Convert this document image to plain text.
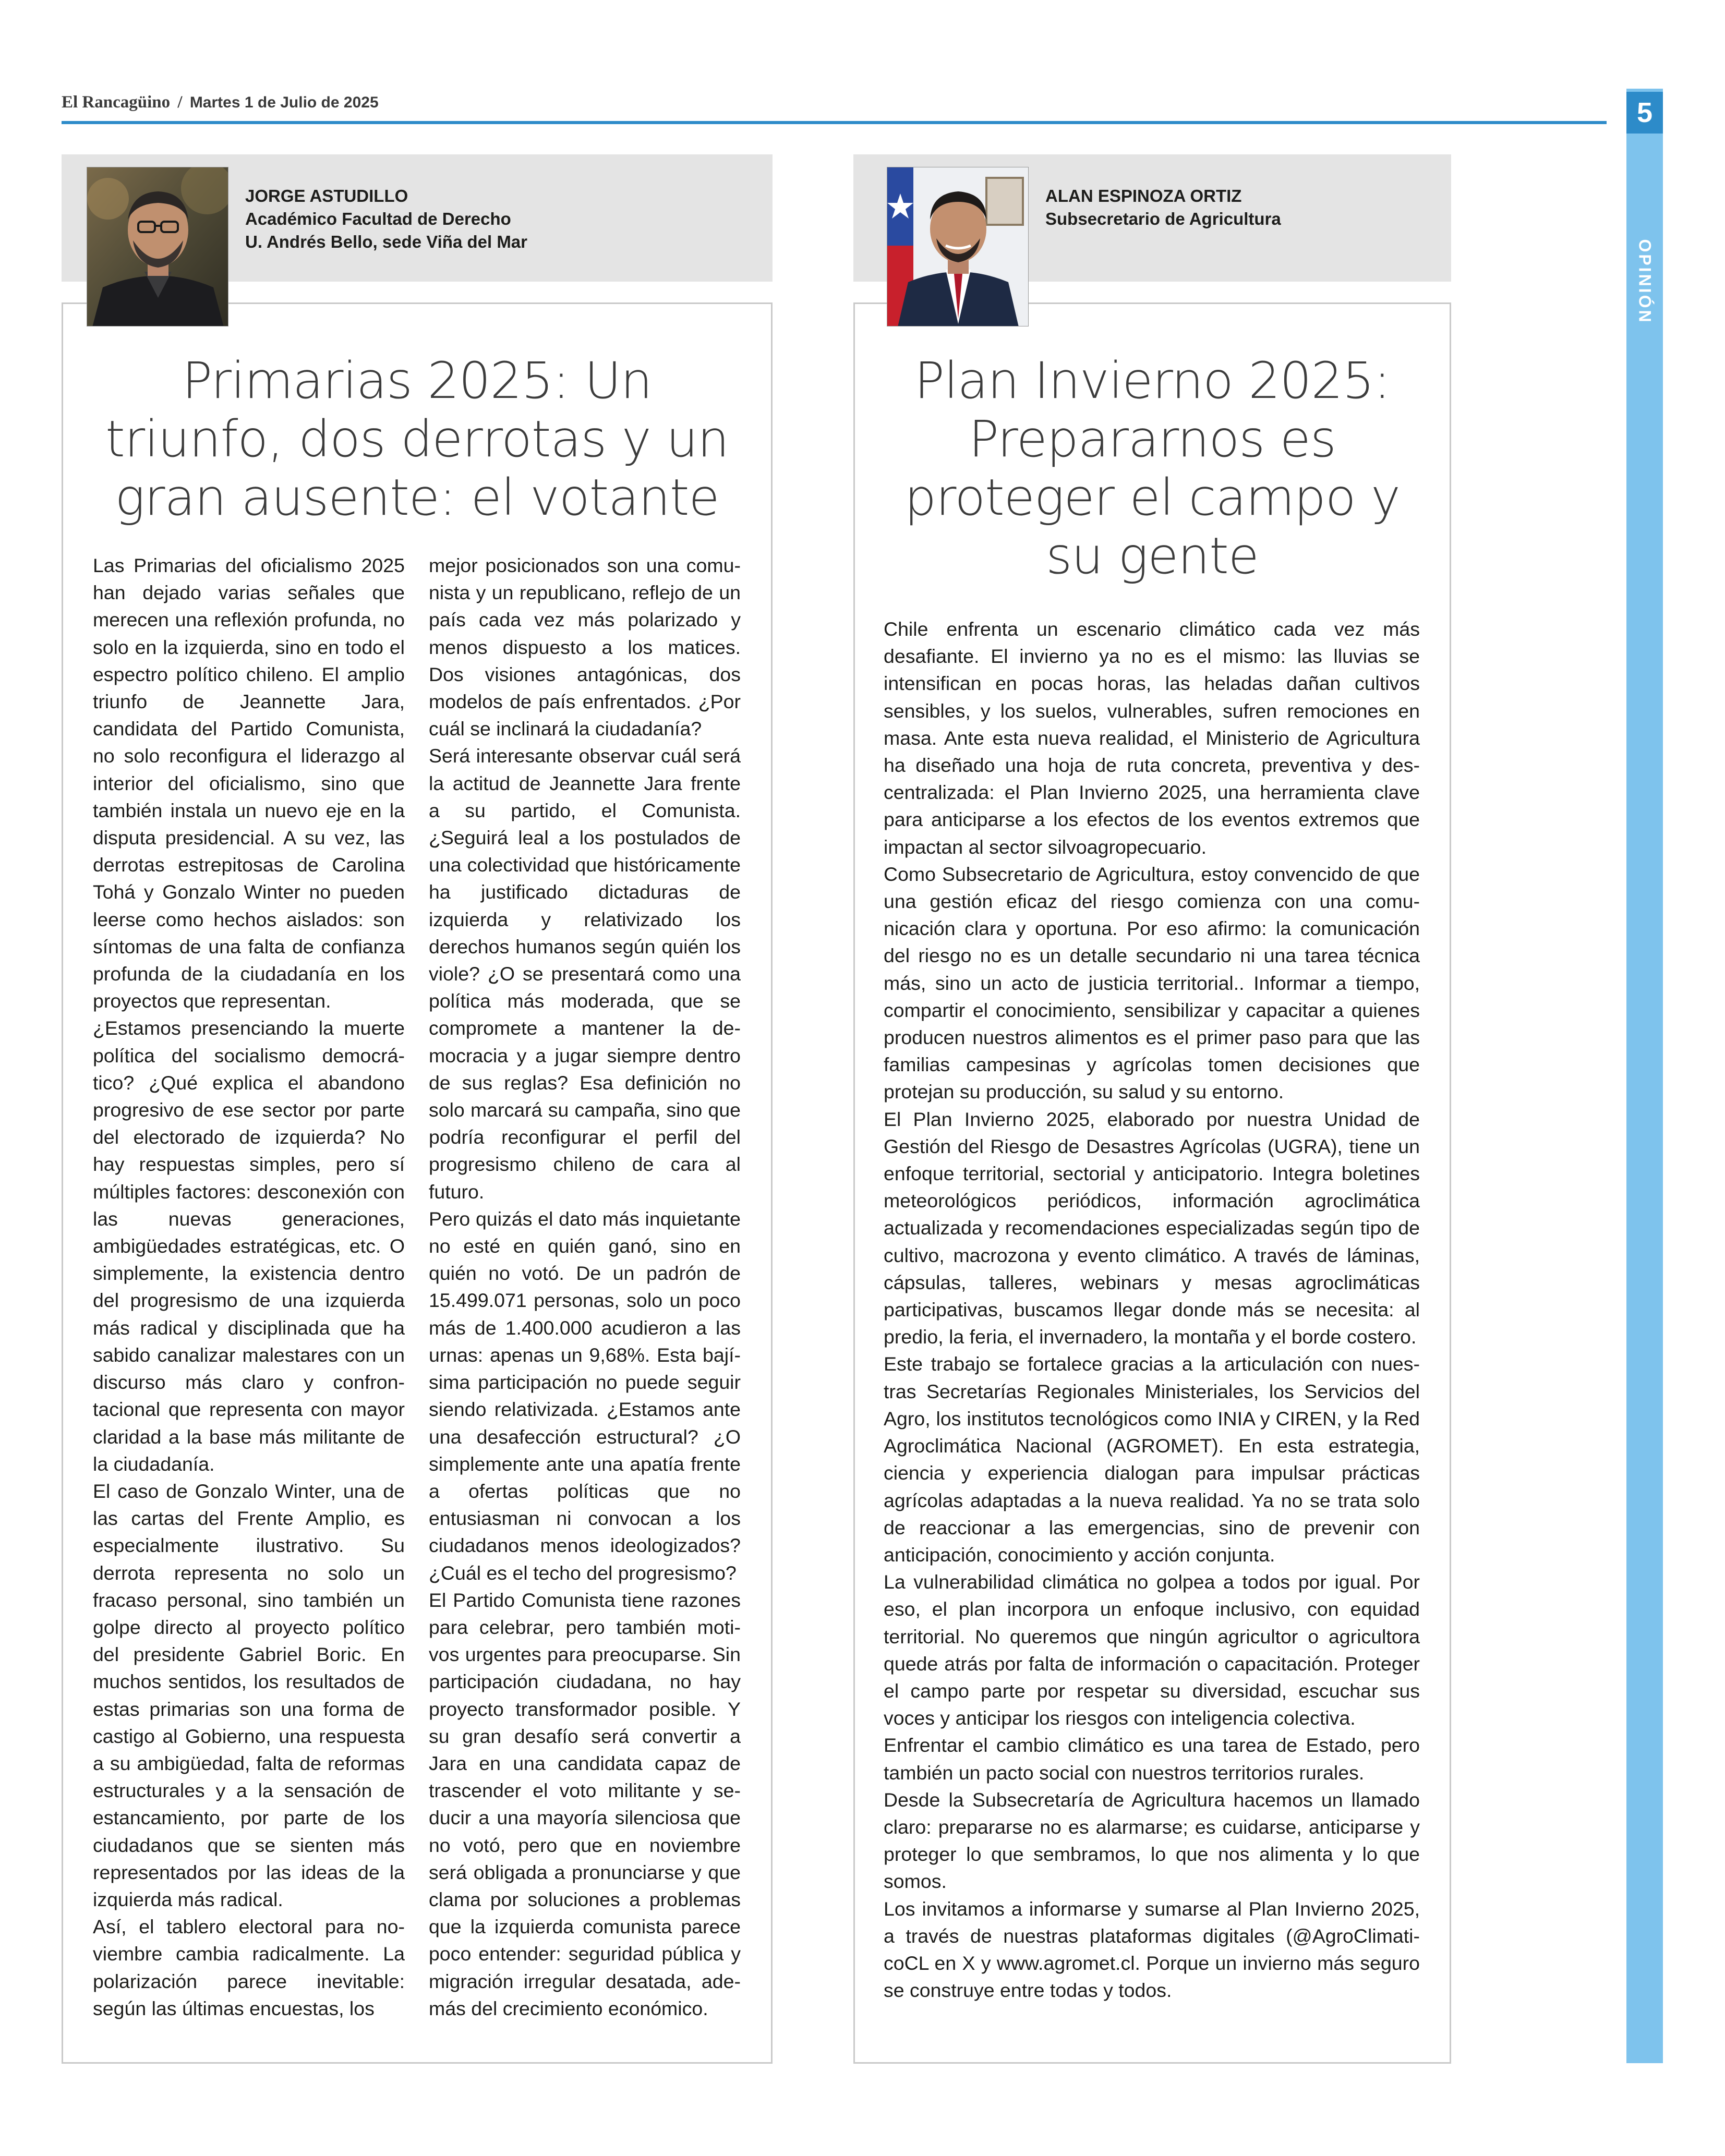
El Rancagüino / Martes 1 de Julio de 2025	5
OPINIÓN
JORGE ASTUDILLO
Académico Facultad de Derecho
U. Andrés Bello, sede Viña del Mar
Primarias 2025: Un triunfo, dos derrotas y un gran ausente: el votante

Las Primarias del oficialismo 2025 han dejado varias señales que merecen una reflexión profunda, no solo en la izquierda, sino en todo el espectro político chileno. El amplio triunfo de Jeannette Jara, candidata del Partido Comunista, no solo reconfigura el liderazgo al interior del oficialismo, sino que también instala un nuevo eje en la disputa presidencial. A su vez, las derrotas estrepitosas de Carolina Tohá y Gonzalo Winter no pueden leerse como hechos aislados: son síntomas de una falta de confianza profunda de la ciudadanía en los proyectos que representan.

¿Estamos presenciando la muerte política del socialismo democrático? ¿Qué explica el abandono progresivo de ese sector por parte del electorado de izquierda? No hay respuestas simples, pero sí múltiples factores: desconexión con las nuevas generaciones, ambigüedades estratégicas, etc. O simplemente, la existencia dentro del progresismo de una izquierda más radical y disciplinada que ha sabido canalizar malestares con un discurso más claro y confrontacional que representa con mayor claridad a la base más militante de la ciudadanía.

El caso de Gonzalo Winter, una de las cartas del Frente Amplio, es especialmente ilustrativo. Su derrota representa no solo un fracaso personal, sino también un golpe directo al proyecto político del presidente Gabriel Boric. En muchos sentidos, los resultados de estas primarias son una forma de castigo al Gobierno, una respuesta a su ambigüedad, falta de reformas estructurales y a la sensación de estancamiento, por parte de los ciudadanos que se sienten más representados por las ideas de la izquierda más radical.

Así, el tablero electoral para noviembre cambia radicalmente. La polarización parece inevitable: según las últimas encuestas, los

mejor posicionados son una comunista y un republicano, reflejo de un país cada vez más polarizado y menos dispuesto a los matices. Dos visiones antagónicas, dos modelos de país enfrentados. ¿Por cuál se inclinará la ciudadanía?

Será interesante observar cuál será la actitud de Jeannette Jara frente a su partido, el Comunista. ¿Seguirá leal a los postulados de una colectividad que históricamente ha justificado dictaduras de izquierda y relativizado los derechos humanos según quién los viole? ¿O se presentará como una política más moderada, que se compromete a mantener la democracia y a jugar siempre dentro de sus reglas? Esa definición no solo marcará su campaña, sino que podría reconfigurar el perfil del progresismo chileno de cara al futuro.

Pero quizás el dato más inquietante no esté en quién ganó, sino en quién no votó. De un padrón de 15.499.071 personas, solo un poco más de 1.400.000 acudieron a las urnas: apenas un 9,68%. Esta bajísima participación no puede seguir siendo relativizada. ¿Estamos ante una desafección estructural? ¿O simplemente ante una apatía frente a ofertas políticas que no entusiasman ni convocan a los ciudadanos menos ideologizados? ¿Cuál es el techo del progresismo?

El Partido Comunista tiene razones para celebrar, pero también motivos urgentes para preocuparse. Sin participación ciudadana, no hay proyecto transformador posible. Y su gran desafío será convertir a Jara en una candidata capaz de trascender el voto militante y seducir a una mayoría silenciosa que no votó, pero que en noviembre será obligada a pronunciarse y que clama por soluciones a problemas que la izquierda comunista parece poco entender: seguridad pública y migración irregular desatada, además del crecimiento económico.

ALAN ESPINOZA ORTIZ
Subsecretario de Agricultura
Plan Invierno 2025: Prepararnos es proteger el campo y su gente

Chile enfrenta un escenario climático cada vez más desafiante. El invierno ya no es el mismo: las lluvias se intensifican en pocas horas, las heladas dañan cultivos sensibles, y los suelos, vulnerables, sufren remociones en masa. Ante esta nueva realidad, el Ministerio de Agricultura ha diseñado una hoja de ruta concreta, preventiva y descentralizada: el Plan Invierno 2025, una herramienta clave para anticiparse a los efectos de los eventos extremos que impactan al sector silvoagropecuario.

Como Subsecretario de Agricultura, estoy convencido de que una gestión eficaz del riesgo comienza con una comunicación clara y oportuna. Por eso afirmo: la comunicación del riesgo no es un detalle secundario ni una tarea técnica más, sino un acto de justicia territorial.. Informar a tiempo, compartir el conocimiento, sensibilizar y capacitar a quienes producen nuestros alimentos es el primer paso para que las familias campesinas y agrícolas tomen decisiones que protejan su producción, su salud y su entorno.

El Plan Invierno 2025, elaborado por nuestra Unidad de Gestión del Riesgo de Desastres Agrícolas (UGRA), tiene un enfoque territorial, sectorial y anticipatorio. Integra boletines meteorológicos periódicos, información agroclimática actualizada y recomendaciones especializadas según tipo de cultivo, macrozona y evento climático. A través de láminas, cápsulas, talleres, webinars y mesas agroclimáticas participativas, buscamos llegar donde más se necesita: al predio, la feria, el invernadero, la montaña y el borde costero.

Este trabajo se fortalece gracias a la articulación con nuestras Secretarías Regionales Ministeriales, los Servicios del Agro, los institutos tecnológicos como INIA y CIREN, y la Red Agroclimática Nacional (AGROMET). En esta estrategia, ciencia y experiencia dialogan para impulsar prácticas agrícolas adaptadas a la nueva realidad. Ya no se trata solo de reaccionar a las emergencias, sino de prevenir con anticipación, conocimiento y acción conjunta.

La vulnerabilidad climática no golpea a todos por igual. Por eso, el plan incorpora un enfoque inclusivo, con equidad territorial. No queremos que ningún agricultor o agricultora quede atrás por falta de información o capacitación. Proteger el campo parte por respetar su diversidad, escuchar sus voces y anticipar los riesgos con inteligencia colectiva.

Enfrentar el cambio climático es una tarea de Estado, pero también un pacto social con nuestros territorios rurales.

Desde la Subsecretaría de Agricultura hacemos un llamado claro: prepararse no es alarmarse; es cuidarse, anticiparse y proteger lo que sembramos, lo que nos alimenta y lo que somos.

Los invitamos a informarse y sumarse al Plan Invierno 2025, a través de nuestras plataformas digitales (@AgroClimaticoCL en X y www.agromet.cl. Porque un invierno más seguro se construye entre todas y todos.
